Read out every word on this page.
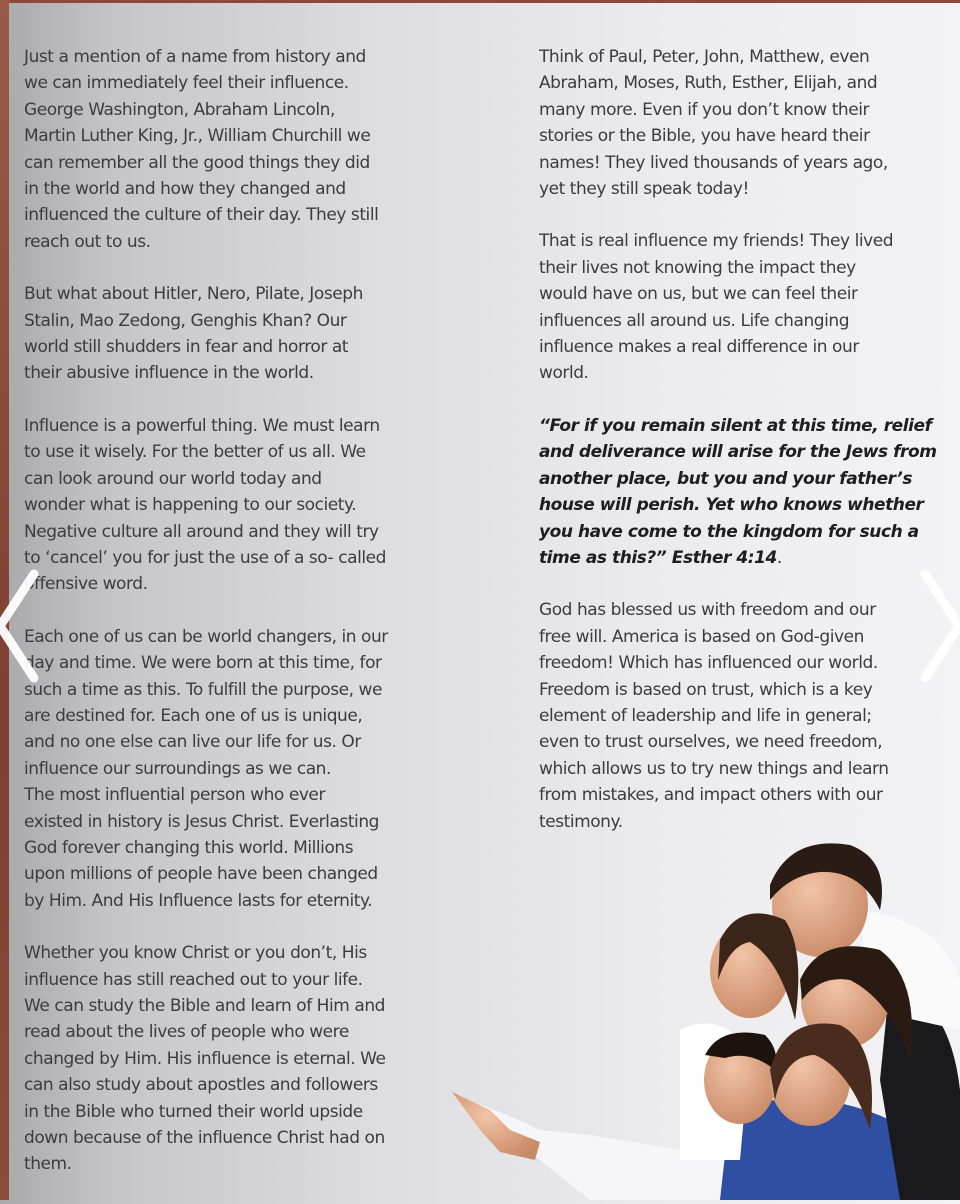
Just a mention of a name from history and
we can immediately feel their influence.
George Washington, Abraham Lincoln,
Martin Luther King, Jr., William Churchill we
can remember all the good things they did
in the world and how they changed and
influenced the culture of their day. They still
reach out to us.

But what about Hitler, Nero, Pilate, Joseph
Stalin, Mao Zedong, Genghis Khan? Our
world still shudders in fear and horror at
their abusive influence in the world.

Influence is a powerful thing. We must learn
to use it wisely. For the better of us all. We
can look around our world today and
wonder what is happening to our society.
Negative culture all around and they will try
to ‘cancel’ you for just the use of a so- called
offensive word.

Each one of us can be world changers, in our
day and time. We were born at this time, for
such a time as this. To fulfill the purpose, we
are destined for. Each one of us is unique,
and no one else can live our life for us. Or
influence our surroundings as we can.
The most influential person who ever
existed in history is Jesus Christ. Everlasting
God forever changing this world. Millions
upon millions of people have been changed
by Him. And His Influence lasts for eternity.

Whether you know Christ or you don’t, His
influence has still reached out to your life.
We can study the Bible and learn of Him and
read about the lives of people who were
changed by Him. His influence is eternal. We
can also study about apostles and followers
in the Bible who turned their world upside
down because of the influence Christ had on
them.

Think of Paul, Peter, John, Matthew, even
Abraham, Moses, Ruth, Esther, Elijah, and
many more. Even if you don’t know their
stories or the Bible, you have heard their
names! They lived thousands of years ago,
yet they still speak today!

That is real influence my friends! They lived
their lives not knowing the impact they
would have on us, but we can feel their
influences all around us. Life changing
influence makes a real difference in our
world.

“For if you remain silent at this time, relief
and deliverance will arise for the Jews from
another place, but you and your father’s
house will perish. Yet who knows whether
you have come to the kingdom for such a
time as this?” Esther 4:14.

God has blessed us with freedom and our
free will. America is based on God-given
freedom! Which has influenced our world.
Freedom is based on trust, which is a key
element of leadership and life in general;
even to trust ourselves, we need freedom,
which allows us to try new things and learn
from mistakes, and impact others with our
testimony.
